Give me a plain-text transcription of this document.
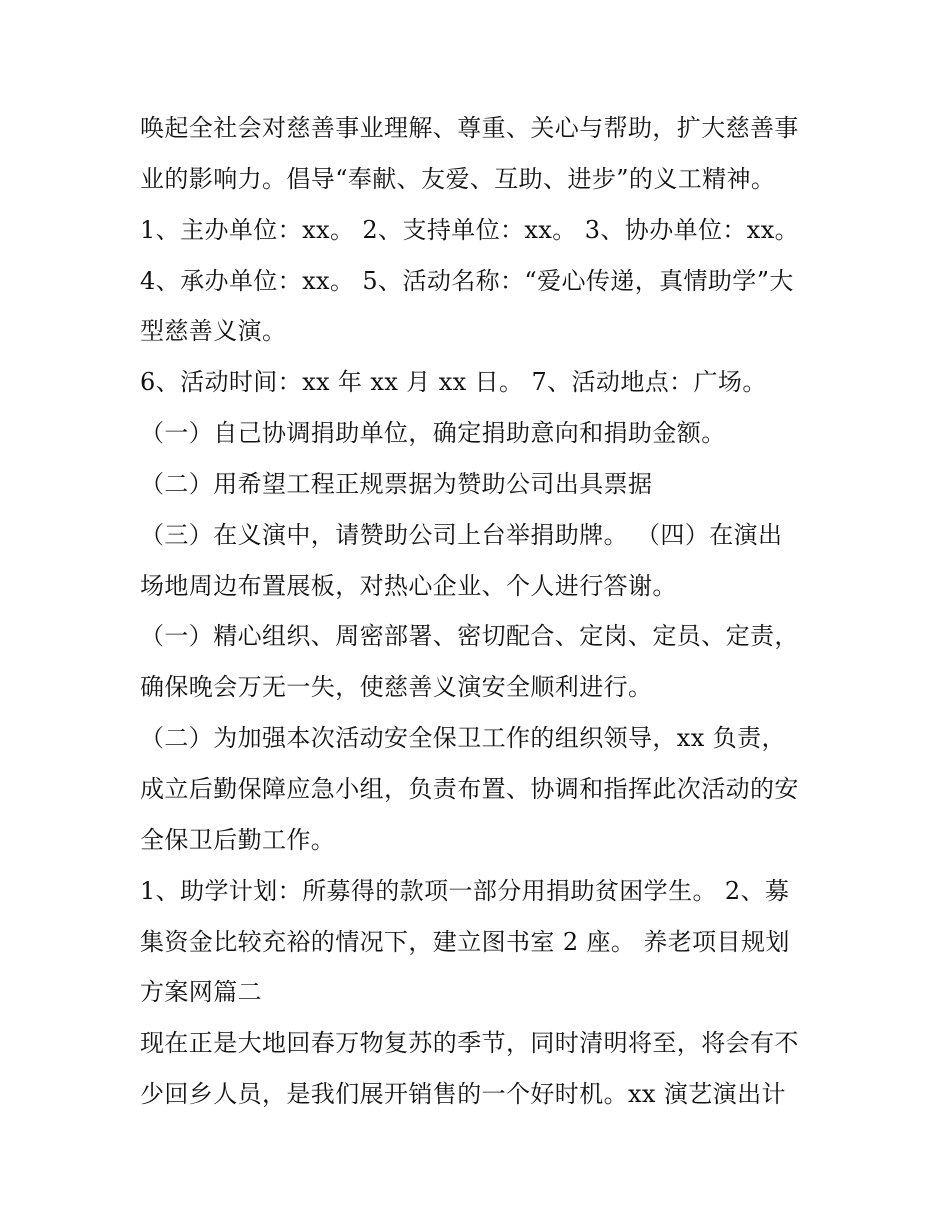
唤起全社会对慈善事业理解、尊重、关心与帮助，扩大慈善事
业的影响力。倡导“奉献、友爱、互助、进步”的义工精神。
1、主办单位：xx。 2、支持单位：xx。 3、协办单位：xx。
4、承办单位：xx。 5、活动名称：“爱心传递，真情助学”大
型慈善义演。
6、活动时间：xx 年 xx 月 xx 日。 7、活动地点：广场。
（一）自己协调捐助单位，确定捐助意向和捐助金额。
（二）用希望工程正规票据为赞助公司出具票据
（三）在义演中，请赞助公司上台举捐助牌。 （四）在演出
场地周边布置展板，对热心企业、个人进行答谢。
（一）精心组织、周密部署、密切配合、定岗、定员、定责，
确保晚会万无一失，使慈善义演安全顺利进行。
（二）为加强本次活动安全保卫工作的组织领导，xx 负责，
成立后勤保障应急小组，负责布置、协调和指挥此次活动的安
全保卫后勤工作。
1、助学计划：所募得的款项一部分用捐助贫困学生。 2、募
集资金比较充裕的情况下，建立图书室 2 座。 养老项目规划
方案网篇二
现在正是大地回春万物复苏的季节，同时清明将至，将会有不
少回乡人员，是我们展开销售的一个好时机。xx 演艺演出计
